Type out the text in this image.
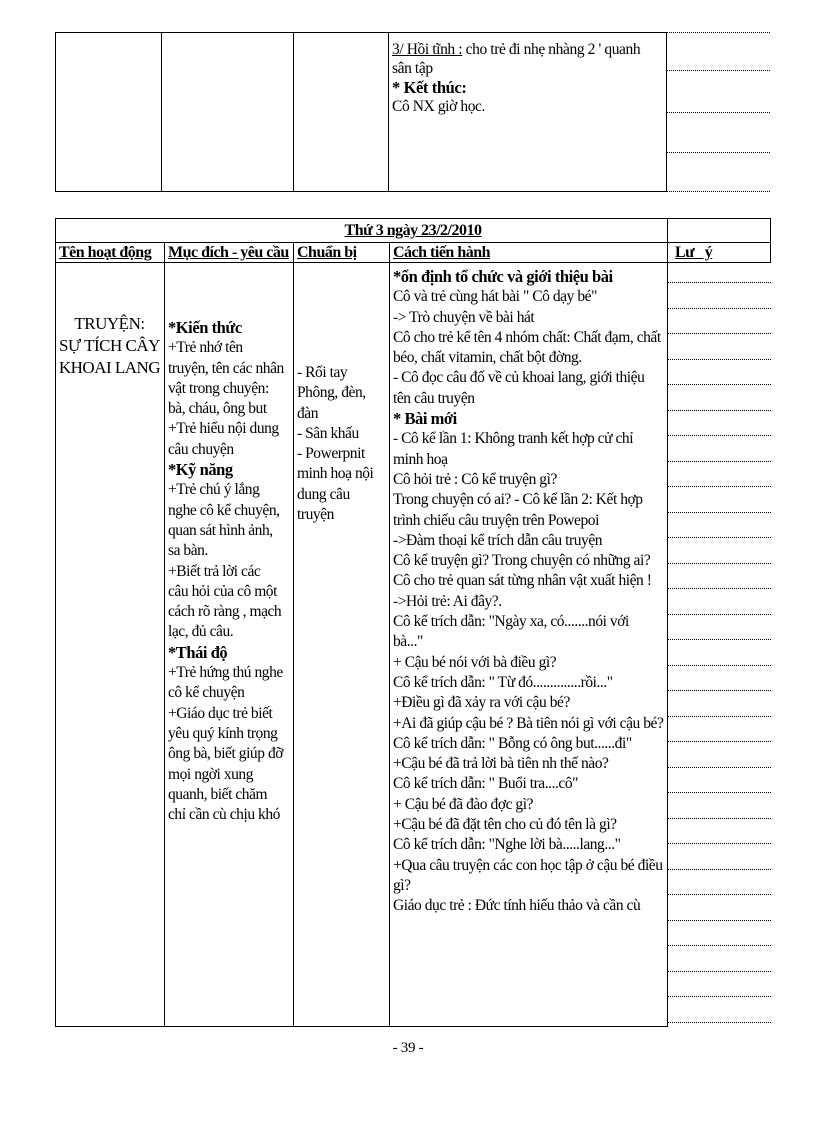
3/ Hồi tĩnh : cho trẻ đi nhẹ nhàng 2 ' quanh
sân tập
* Kết thúc:
Cô NX giờ học.
Thứ 3 ngày 23/2/2010
Tên hoạt động Mục đích - yêu cầu Chuẩn bị Cách tiến hành	Lư   ý
TRUYỆN:
SỰ TÍCH CÂY
KHOAI LANG
*Kiến thức
+Trẻ nhớ tên
truyện, tên các nhân
vật trong chuyện:
bà, cháu, ông but
+Trẻ hiểu nội dung
câu chuyện
*Kỹ năng
+Trẻ chú ý lắng
nghe cô kể chuyện,
quan sát hình ảnh,
sa bàn.
+Biết trả lời các
câu hỏi của cô một
cách rõ ràng , mạch
lạc, đủ câu.
*Thái độ
+Trẻ hứng thú nghe
cô kể chuyện
+Giáo dục trẻ biết
yêu quý kính trọng
ông bà, biết giúp đỡ
mọi ngời xung
quanh, biết chăm
chỉ cần cù chịu khó
- Rối tay
Phông, đèn,
đàn
- Sân khấu
- Powerpnit
minh hoạ nội
dung câu
truyện
*ổn định tổ chức và giới thiệu bài
Cô và trẻ cùng hát bài " Cô dạy bé"
-> Trò chuyện về bài hát
Cô cho trẻ kể tên 4 nhóm chất: Chất đạm, chất
béo, chất vitamin, chất bột đờng.
- Cô đọc câu đố về củ khoai lang, giới thiệu
tên câu truyện
* Bài mới
- Cô kể lần 1: Không tranh kết hợp cử chỉ
minh hoạ
Cô hỏi trẻ : Cô kể truyện gì?
Trong chuyện có ai? - Cô kể lần 2: Kết hợp
trình chiếu câu truyện trên Powepoi
->Đàm thoại kể trích dẫn câu truyện
Cô kể truyện gì? Trong chuyện có những ai?
Cô cho trẻ quan sát từng nhân vật xuất hiện !
->Hỏi trẻ: Ai đây?.
Cô kể trích dẫn: "Ngày xa, có.......nói với
bà..."
+ Cậu bé nói với bà điều gì?
Cô kể trích dẫn: " Từ đó..............rồi..."
+Điều gì đã xảy ra với cậu bé?
+Ai đã giúp cậu bé ? Bà tiên nói gì với cậu bé?
Cô kể trích dẫn: " Bỗng có ông but......đi"
+Cậu bé đã trả lời bà tiên nh thế nào?
Cô kể trích dẫn: " Buổi tra....cô"
+ Cậu bé đã đào đợc gì?
+Cậu bé đã đặt tên cho củ đó tên là gì?
Cô kể trích dẫn: "Nghe lời bà.....lang..."
+Qua câu truyện các con học tập ở cậu bé điều
gì?
Giáo dục trẻ : Đức tính hiếu thảo và cần cù
- 39 -
